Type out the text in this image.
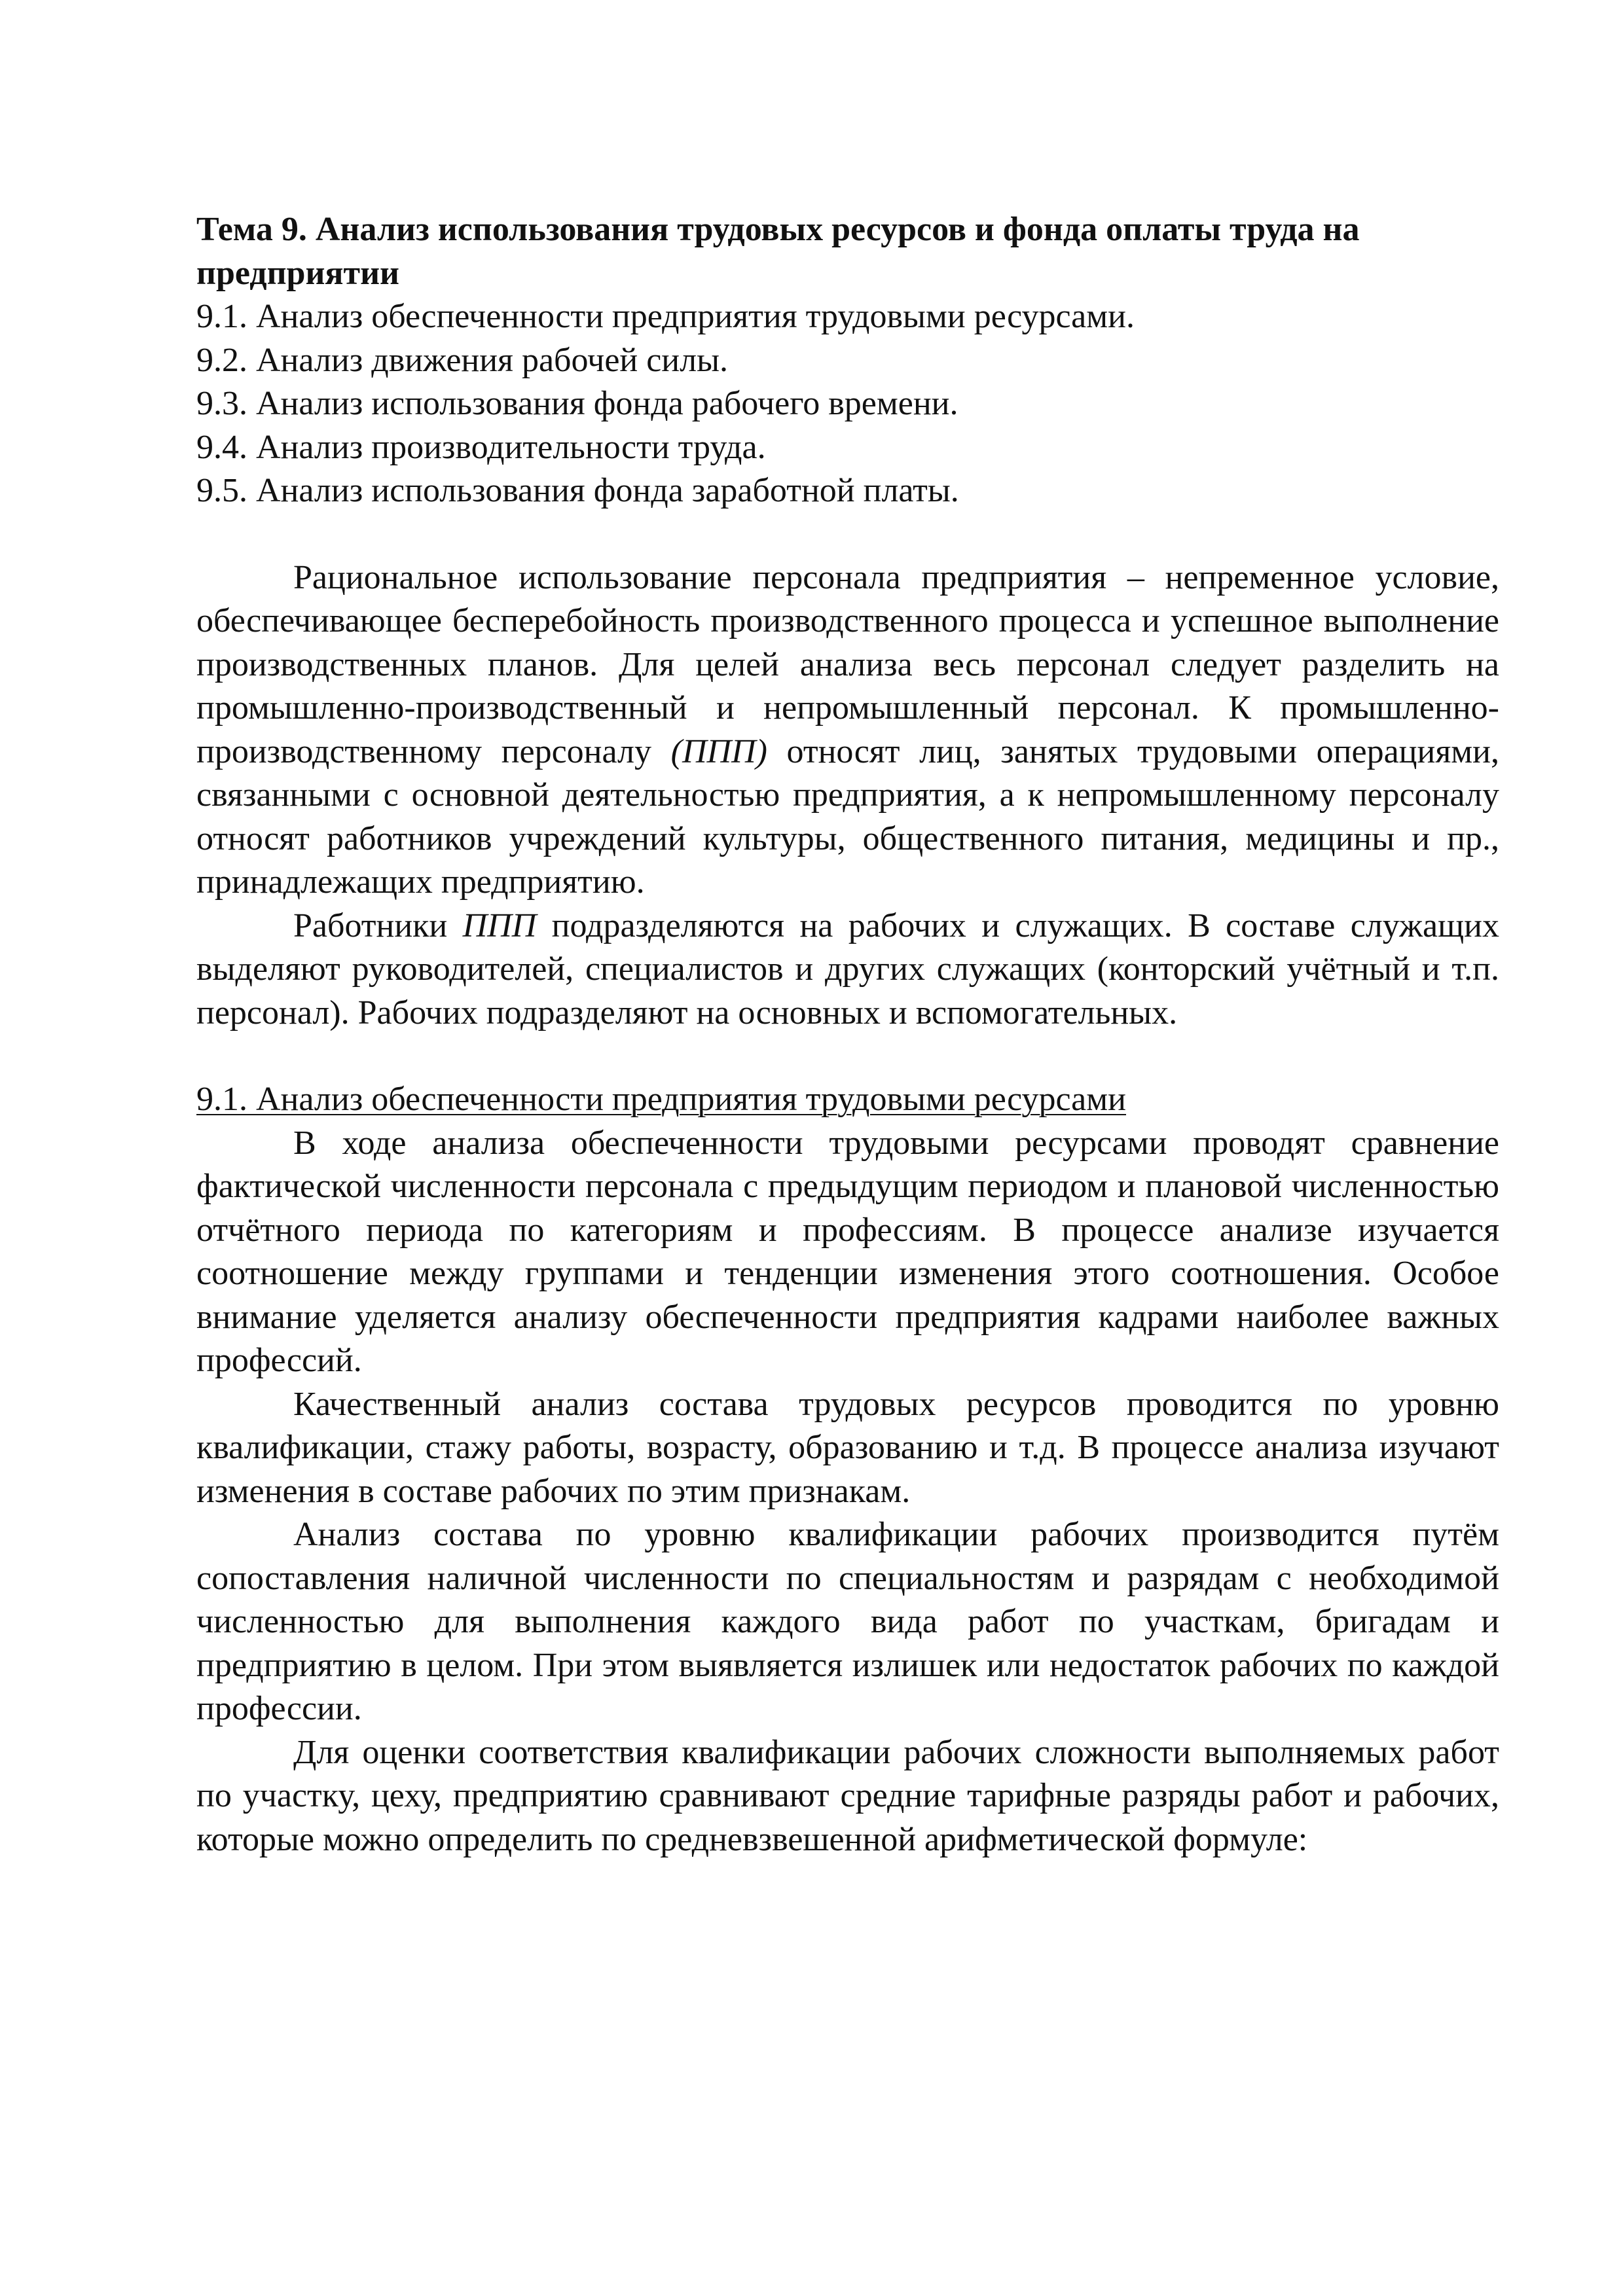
Тема 9. Анализ использования трудовых ресурсов и фонда оплаты труда на предприятии
9.1. Анализ обеспеченности предприятия трудовыми ресурсами.
9.2. Анализ движения рабочей силы.
9.3. Анализ использования фонда рабочего времени.
9.4. Анализ производительности труда.
9.5. Анализ использования фонда заработной платы.

Рациональное использование персонала предприятия – непременное условие, обеспечивающее бесперебойность производственного процесса и успешное выполнение производственных планов. Для целей анализа весь персонал следует разделить на промышленно-производственный и непромышленный персонал. К промышленно-производственному персоналу (ППП) относят лиц, занятых трудовыми операциями, связанными с основной деятельностью предприятия, а к непромышленному персоналу относят работников учреждений культуры, общественного питания, медицины и пр., принадлежащих предприятию.

Работники ППП подразделяются на рабочих и служащих. В составе служащих выделяют руководителей, специалистов и других служащих (конторский учётный и т.п. персонал). Рабочих подразделяют на основных и вспомогательных.

9.1. Анализ обеспеченности предприятия трудовыми ресурсами

В ходе анализа обеспеченности трудовыми ресурсами проводят сравнение фактической численности персонала с предыдущим периодом и плановой численностью отчётного периода по категориям и профессиям. В процессе анализе изучается соотношение между группами и тенденции изменения этого соотношения. Особое внимание уделяется анализу обеспеченности предприятия кадрами наиболее важных профессий.

Качественный анализ состава трудовых ресурсов проводится по уровню квалификации, стажу работы, возрасту, образованию и т.д. В процессе анализа изучают изменения в составе рабочих по этим признакам.

Анализ состава по уровню квалификации рабочих производится путём сопоставления наличной численности по специальностям и разрядам с необходимой численностью для выполнения каждого вида работ по участкам, бригадам и предприятию в целом. При этом выявляется излишек или недостаток рабочих по каждой профессии.

Для оценки соответствия квалификации рабочих сложности выполняемых работ по участку, цеху, предприятию сравнивают средние тарифные разряды работ и рабочих, которые можно определить по средневзвешенной арифметической формуле:
